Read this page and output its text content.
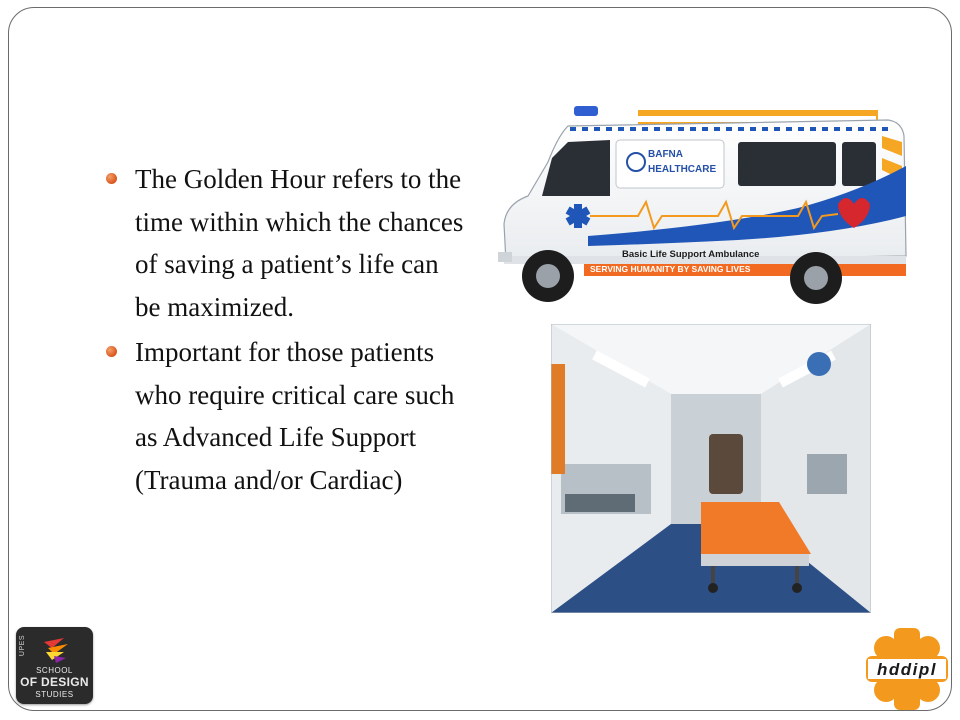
The Golden Hour refers to the time within which the chances of saving a patient’s life can be maximized.
Important for those patients who require critical care such as Advanced Life Support (Trauma and/or Cardiac)
BAFNA
HEALTHCARE
Basic Life Support Ambulance
SERVING HUMANITY BY SAVING LIVES
UPES
SCHOOL
OF DESIGN
STUDIES
hddipl
